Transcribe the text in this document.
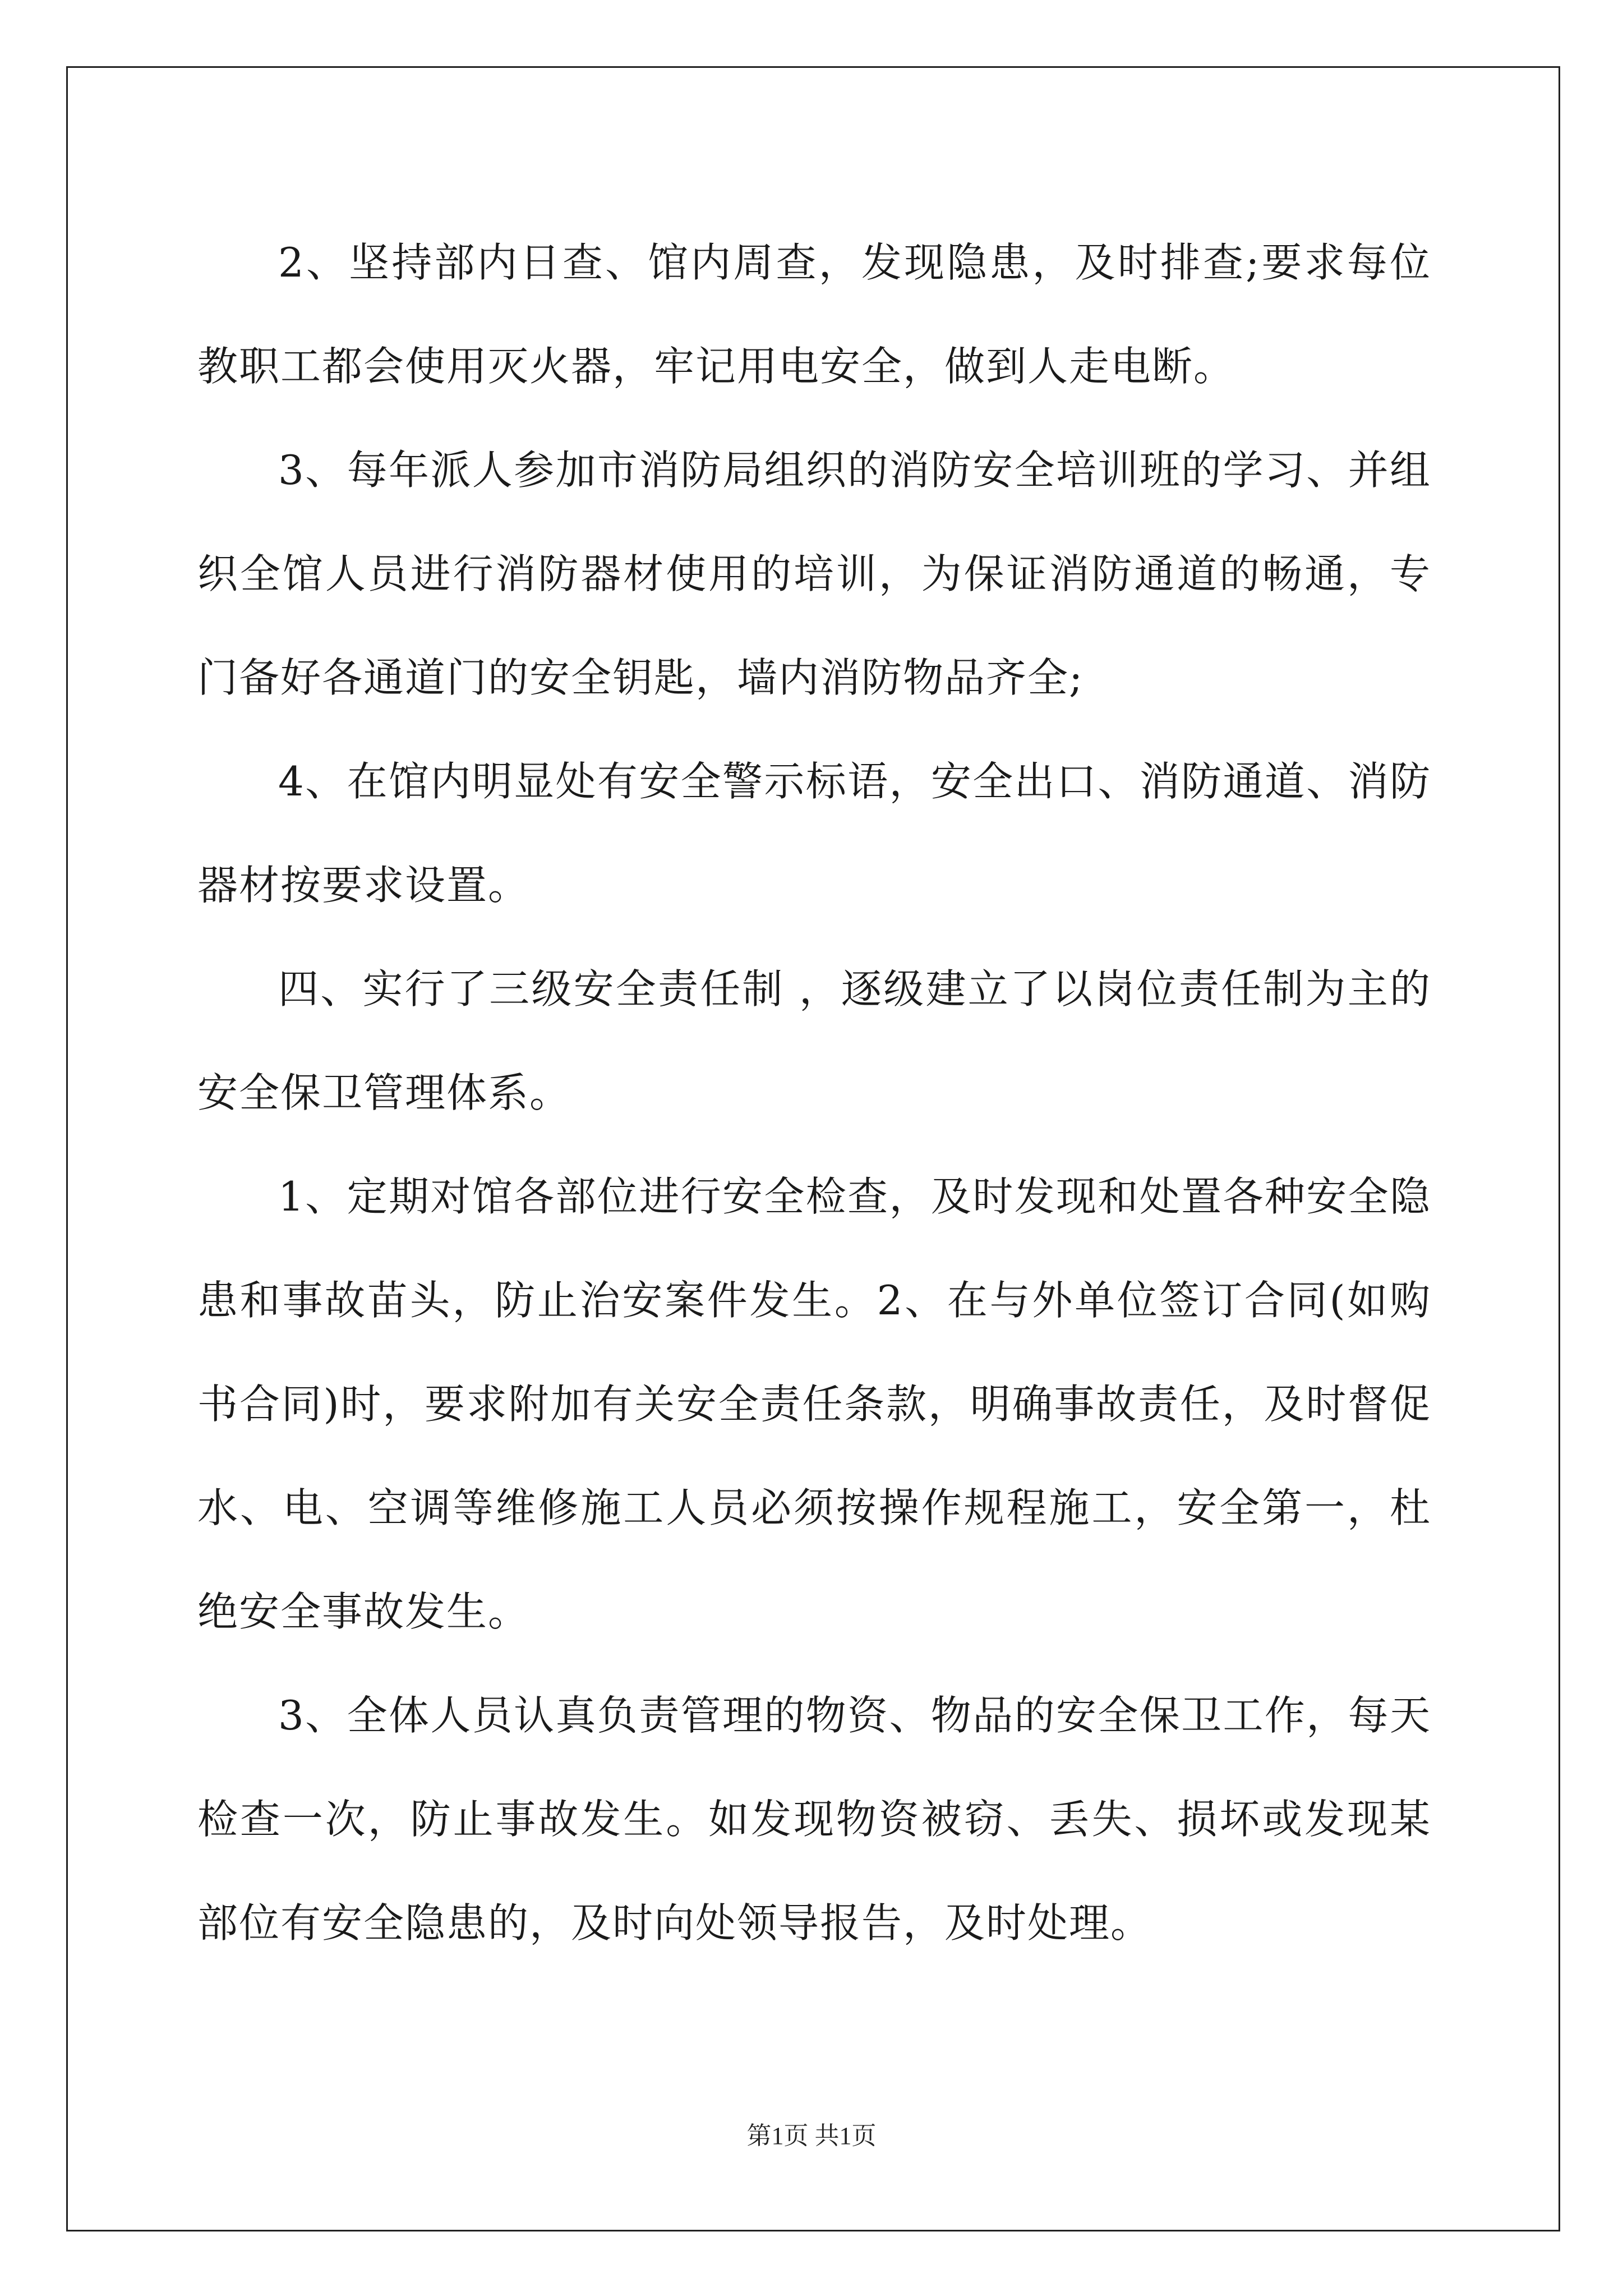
2、坚持部内日查、馆内周查，发现隐患，及时排查;要求每位教职工都会使用灭火器，牢记用电安全，做到人走电断。

3、每年派人参加市消防局组织的消防安全培训班的学习、并组织全馆人员进行消防器材使用的培训，为保证消防通道的畅通，专门备好各通道门的安全钥匙，墙内消防物品齐全;

4、在馆内明显处有安全警示标语，安全出口、消防通道、消防器材按要求设置。

四、实行了三级安全责任制 ，逐级建立了以岗位责任制为主的安全保卫管理体系。

1、定期对馆各部位进行安全检查，及时发现和处置各种安全隐患和事故苗头，防止治安案件发生。2、在与外单位签订合同(如购书合同)时，要求附加有关安全责任条款，明确事故责任，及时督促水、电、空调等维修施工人员必须按操作规程施工，安全第一，杜绝安全事故发生。

3、全体人员认真负责管理的物资、物品的安全保卫工作，每天检查一次，防止事故发生。如发现物资被窃、丢失、损坏或发现某部位有安全隐患的，及时向处领导报告，及时处理。

第1页 共1页
